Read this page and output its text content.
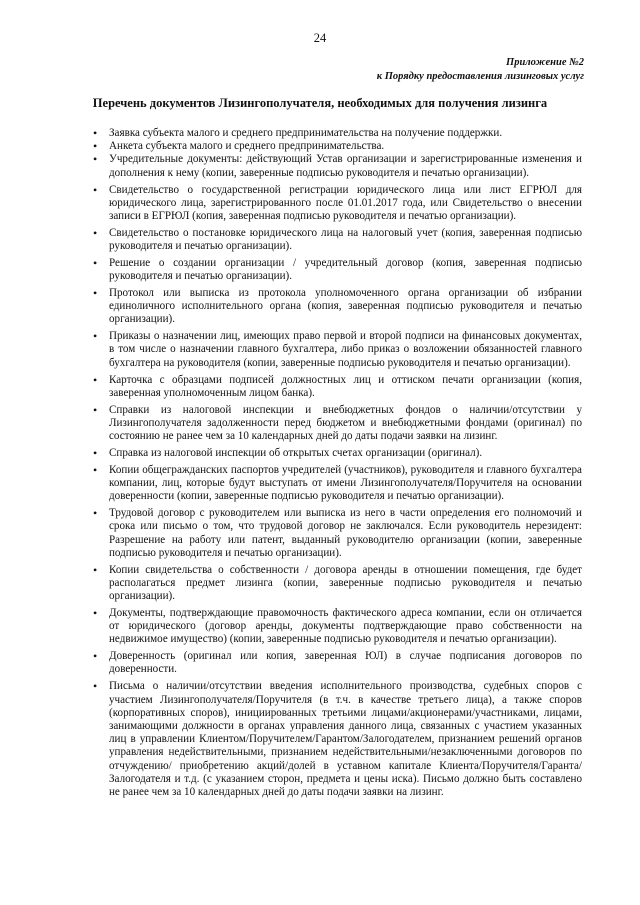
24
Приложение №2
к Порядку предоставления лизинговых услуг
Перечень документов Лизингополучателя, необходимых для получения лизинга
• Заявка субъекта малого и среднего предпринимательства на получение поддержки.
• Анкета субъекта малого и среднего предпринимательства.
• Учредительные документы: действующий Устав организации и зарегистрированные изменения и дополнения к нему (копии, заверенные подписью руководителя и печатью организации).
• Свидетельство о государственной регистрации юридического лица или лист ЕГРЮЛ для юридического лица, зарегистрированного после 01.01.2017 года, или Свидетельство о внесении записи в ЕГРЮЛ (копия, заверенная подписью руководителя и печатью организации).
• Свидетельство о постановке юридического лица на налоговый учет (копия, заверенная подписью руководителя и печатью организации).
• Решение о создании организации / учредительный договор (копия, заверенная подписью руководителя и печатью организации).
• Протокол или выписка из протокола уполномоченного органа организации об избрании единоличного исполнительного органа (копия, заверенная подписью руководителя и печатью организации).
• Приказы о назначении лиц, имеющих право первой и второй подписи на финансовых документах, в том числе о назначении главного бухгалтера, либо приказ о возложении обязанностей главного бухгалтера на руководителя (копии, заверенные подписью руководителя и печатью организации).
• Карточка с образцами подписей должностных лиц и оттиском печати организации (копия, заверенная уполномоченным лицом банка).
• Справки из налоговой инспекции и внебюджетных фондов о наличии/отсутствии у Лизингополучателя задолженности перед бюджетом и внебюджетными фондами (оригинал) по состоянию не ранее чем за 10 календарных дней до даты подачи заявки на лизинг.
• Справка из налоговой инспекции об открытых счетах организации (оригинал).
• Копии общегражданских паспортов учредителей (участников), руководителя и главного бухгалтера компании, лиц, которые будут выступать от имени Лизингополучателя/Поручителя на основании доверенности (копии, заверенные подписью руководителя и печатью организации).
• Трудовой договор с руководителем или выписка из него в части определения его полномочий и срока или письмо о том, что трудовой договор не заключался. Если руководитель нерезидент: Разрешение на работу или патент, выданный руководителю организации (копии, заверенные подписью руководителя и печатью организации).
• Копии свидетельства о собственности / договора аренды в отношении помещения, где будет располагаться предмет лизинга (копии, заверенные подписью руководителя и печатью организации).
• Документы, подтверждающие правомочность фактического адреса компании, если он отличается от юридического (договор аренды, документы подтверждающие право собственности на недвижимое имущество) (копии, заверенные подписью руководителя и печатью организации).
• Доверенность (оригинал или копия, заверенная ЮЛ) в случае подписания договоров по доверенности.
• Письма о наличии/отсутствии введения исполнительного производства, судебных споров с участием Лизингополучателя/Поручителя (в т.ч. в качестве третьего лица), а также споров (корпоративных споров), инициированных третьими лицами/акционерами/участниками, лицами, занимающими должности в органах управления данного лица, связанных с участием указанных лиц в управлении Клиентом/Поручителем/Гарантом/Залогодателем, признанием решений органов управления недействительными, признанием недействительными/незаключенными договоров по отчуждению/ приобретению акций/долей в уставном капитале Клиента/Поручителя/Гаранта/Залогодателя и т.д. (с указанием сторон, предмета и цены иска). Письмо должно быть составлено не ранее чем за 10 календарных дней до даты подачи заявки на лизинг.
